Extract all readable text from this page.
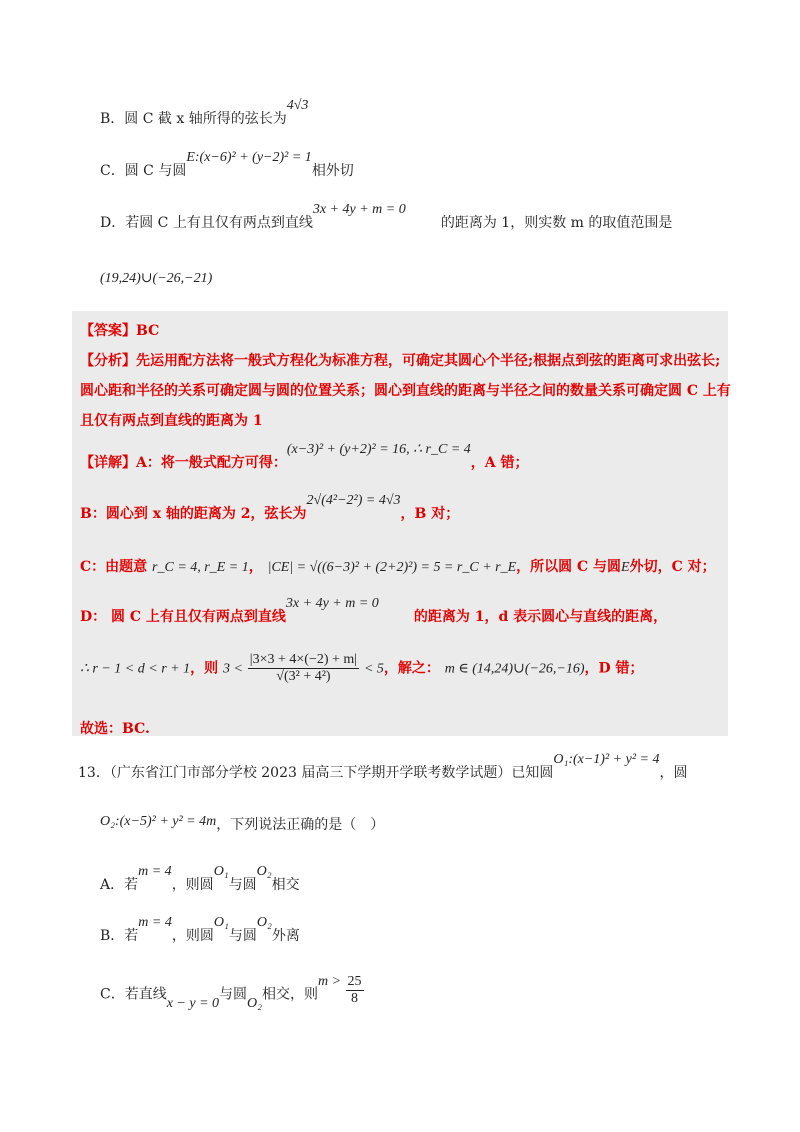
B．圆 C 截 x 轴所得的弦长为4√3
C．圆 C 与圆E:(x−6)² + (y−2)² = 1相外切
D．若圆 C 上有且仅有两点到直线3x + 4y + m = 0的距离为 1，则实数 m 的取值范围是
(19,24)∪(−26,−21)
【答案】BC
【分析】先运用配方法将一般式方程化为标准方程，可确定其圆心个半径;根据点到弦的距离可求出弦长;
圆心距和半径的关系可确定圆与圆的位置关系；圆心到直线的距离与半径之间的数量关系可确定圆 C 上有
且仅有两点到直线的距离为 1
【详解】A：将一般式配方可得：(x−3)² + (y+2)² = 16, ∴ r_C = 4，A 错；
B：圆心到 x 轴的距离为 2，弦长为2√(4²−2²) = 4√3，B 对；
C：由题意 r_C = 4, r_E = 1， |CE| = √((6−3)² + (2+2)²) = 5 = r_C + r_E，所以圆 C 与圆E外切，C 对；
D： 圆 C 上有且仅有两点到直线3x + 4y + m = 0的距离为 1，d 表示圆心与直线的距离，
∴ r − 1 < d < r + 1，则 $3 < \frac{|3\times 3 + 4\times(-2) + m|}{\text{√(3² + 4²)}} < 5$，解之： m ∈ (14,24)∪(−26,−16)，D 错；
故选：BC.
13．（广东省江门市部分学校 2023 届高三下学期开学联考数学试题）已知圆O₁:(x−1)² + y² = 4，圆
O₂:(x−5)² + y² = 4m，下列说法正确的是（　）
A．若m = 4，则圆O₁与圆O₂相交
B．若m = 4，则圆O₁与圆O₂外离
C．若直线x − y = 0与圆O₂相交，则$m > \frac{25}{8}$
